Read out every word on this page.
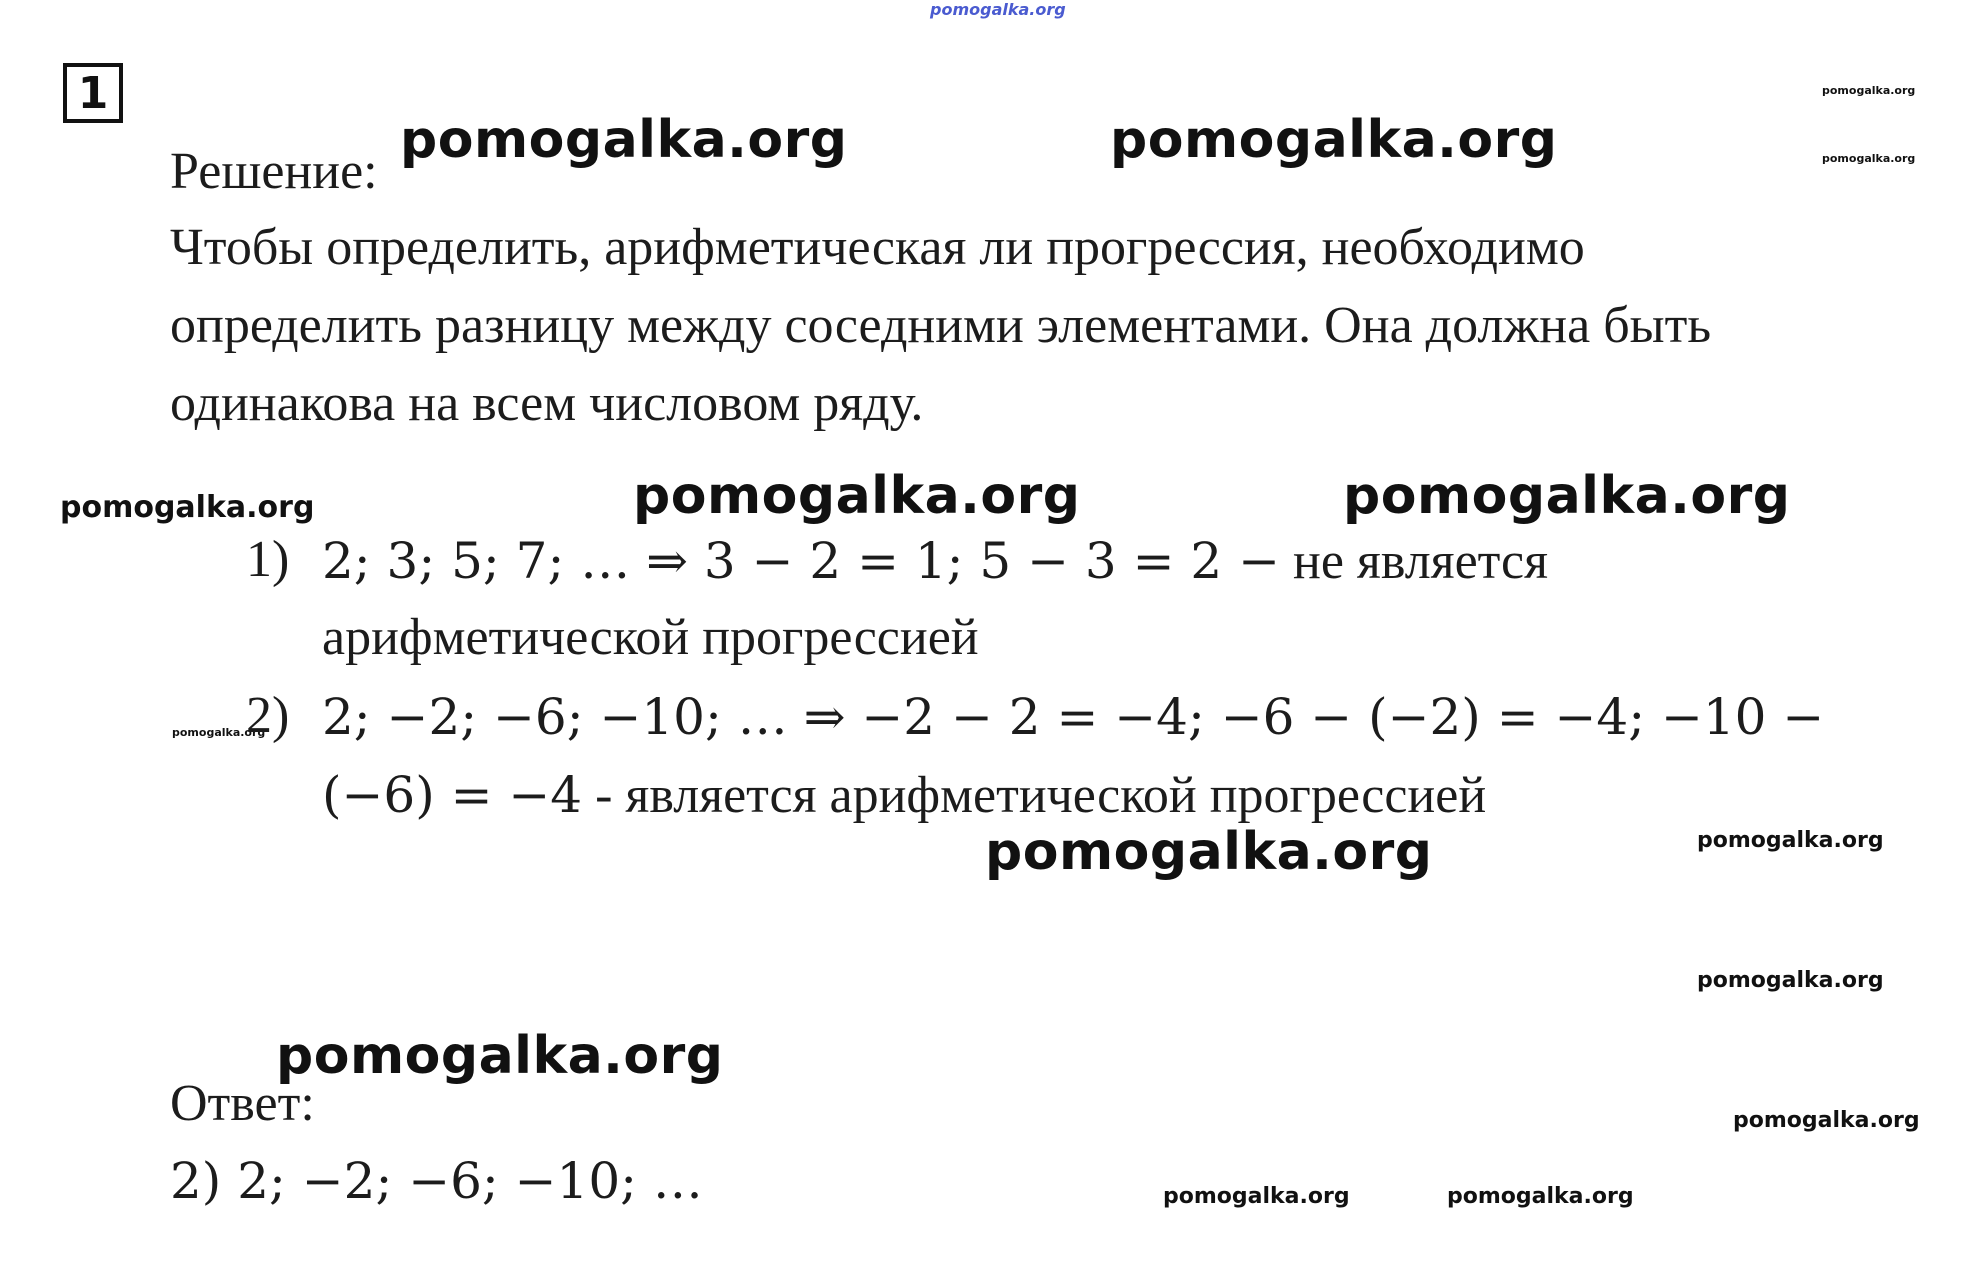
pomogalka.org
1	pomogalka.org
pomogalka.org
Решение:
pomogalka.org	pomogalka.org
Чтобы определить, арифметическая ли прогрессия, необходимо
определить разницу между соседними элементами. Она должна быть
одинакова на всем числовом ряду.
pomogalka.org	pomogalka.org	pomogalka.org
1) 2; 3; 5; 7; … ⇒ 3 − 2 = 1; 5 − 3 = 2 − не является
арифметической прогрессией
pomogalka.org
2) 2; −2; −6; −10; … ⇒ −2 − 2 = −4; −6 − (−2) = −4; −10 −
(−6) = −4 - является арифметической прогрессией
pomogalka.org
pomogalka.org
pomogalka.org
pomogalka.org
Ответ:	pomogalka.org
2) 2; −2; −6; −10; …	pomogalka.org	pomogalka.org
